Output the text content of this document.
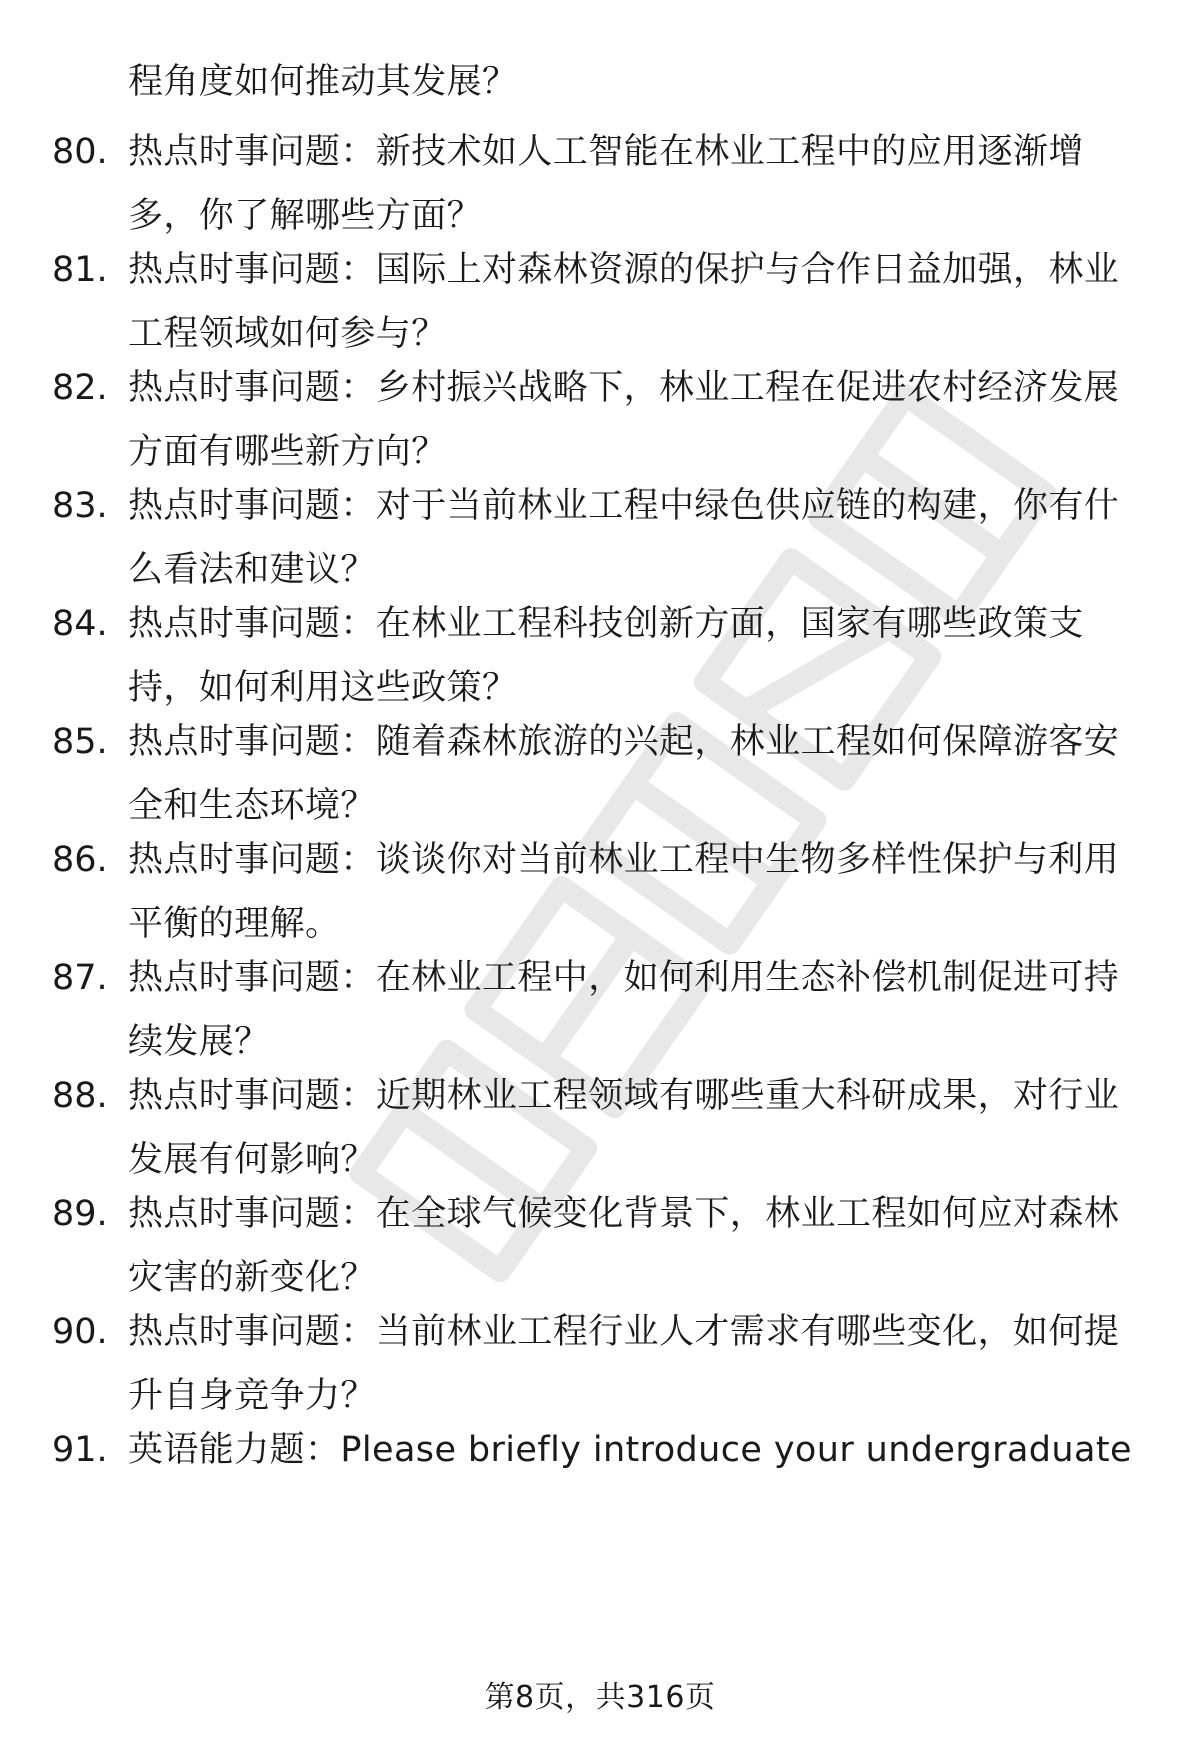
程角度如何推动其发展？
80. 热点时事问题：新技术如人工智能在林业工程中的应用逐渐增
多，你了解哪些方面？
81. 热点时事问题：国际上对森林资源的保护与合作日益加强，林业
工程领域如何参与？
82. 热点时事问题：乡村振兴战略下，林业工程在促进农村经济发展
方面有哪些新方向？
83. 热点时事问题：对于当前林业工程中绿色供应链的构建，你有什
么看法和建议？
84. 热点时事问题：在林业工程科技创新方面，国家有哪些政策支
持，如何利用这些政策？
85. 热点时事问题：随着森林旅游的兴起，林业工程如何保障游客安
全和生态环境？
86. 热点时事问题：谈谈你对当前林业工程中生物多样性保护与利用
平衡的理解。
87. 热点时事问题：在林业工程中，如何利用生态补偿机制促进可持
续发展？
88. 热点时事问题：近期林业工程领域有哪些重大科研成果，对行业
发展有何影响？
89. 热点时事问题：在全球气候变化背景下，林业工程如何应对森林
灾害的新变化？
90. 热点时事问题：当前林业工程行业人才需求有哪些变化，如何提
升自身竞争力？
91. 英语能力题：Please briefly introduce your undergraduate
第8页，共316页
